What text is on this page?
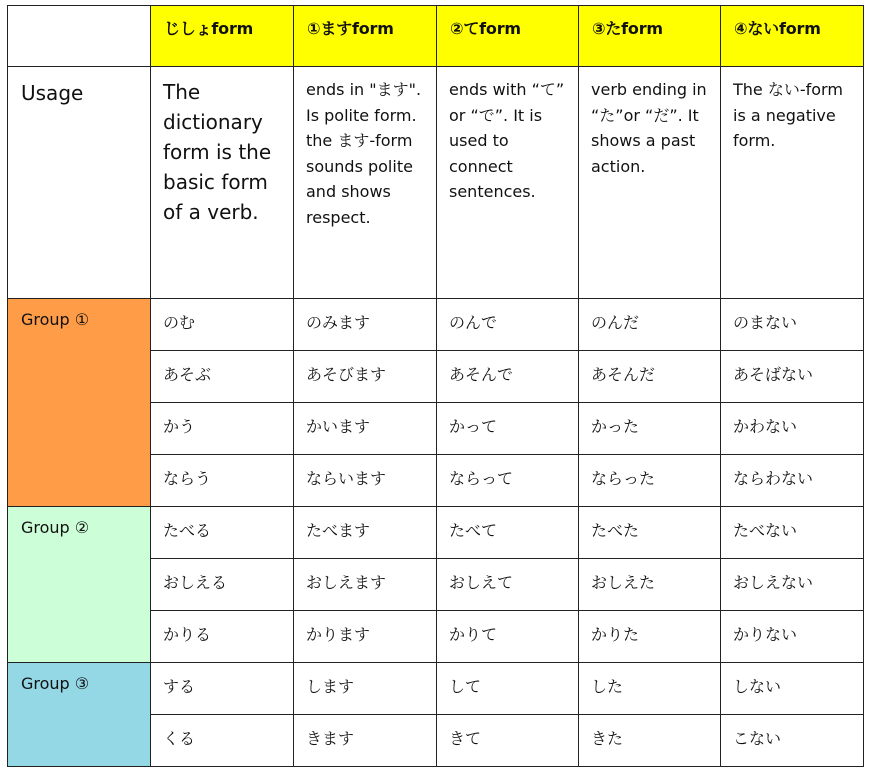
	じしょform	①ますform	②てform	③たform	④ないform

Usage	The dictionary form is the basic form of a verb.	ends in "ます". Is polite form. the ます-form sounds polite and shows respect.	ends with “て” or “で”. It is used to connect sentences.	verb ending in “た”or “だ”. It shows a past action.	The ない-form is a negative form.

Group ①	のむ	のみます	のんで	のんだ	のまない

	あそぶ	あそびます	あそんで	あそんだ	あそばない

	かう	かいます	かって	かった	かわない

	ならう	ならいます	ならって	ならった	ならわない

Group ②	たべる	たべます	たべて	たべた	たべない

	おしえる	おしえます	おしえて	おしえた	おしえない

	かりる	かります	かりて	かりた	かりない

Group ③	する	します	して	した	しない

	くる	きます	きて	きた	こない
